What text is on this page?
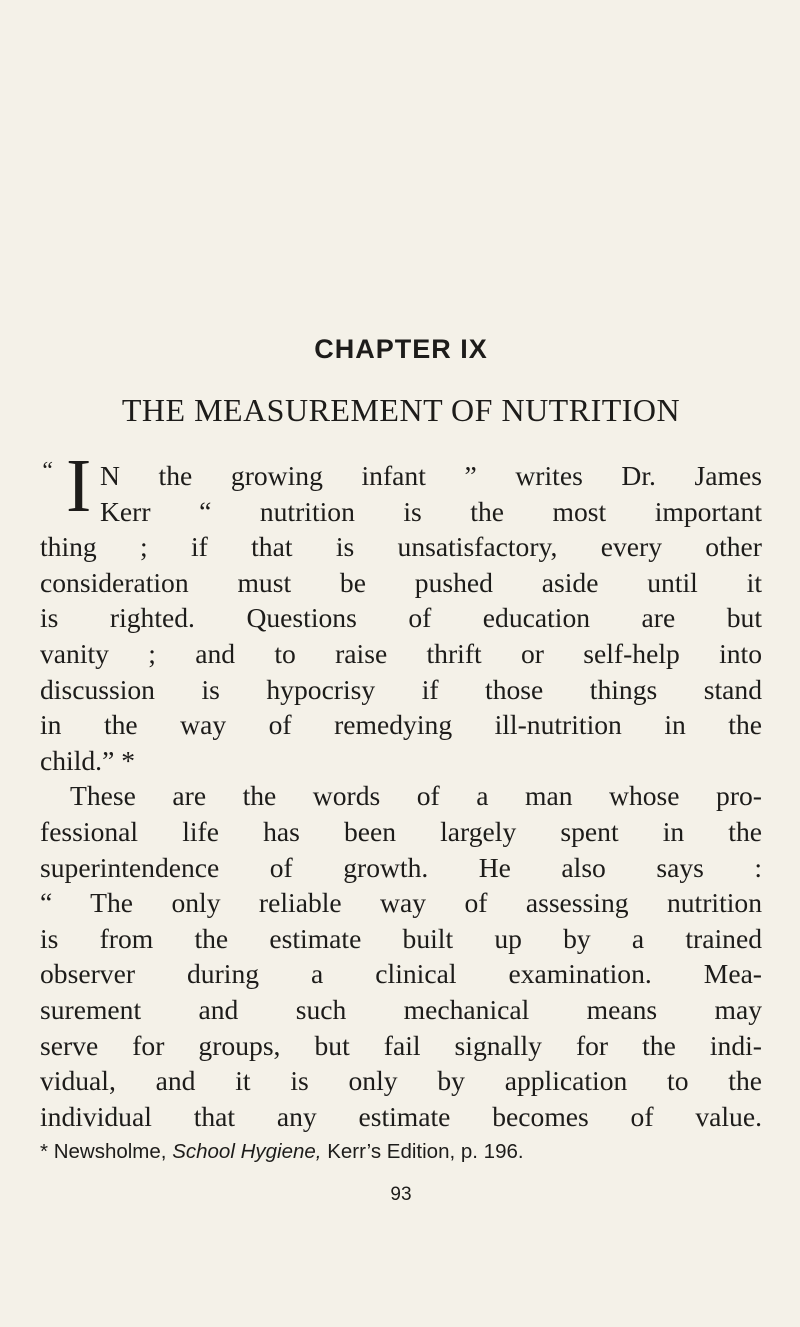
CHAPTER IX
THE MEASUREMENT OF NUTRITION
“ I N the growing infant ” writes Dr. James
Kerr “ nutrition is the most important
thing ; if that is unsatisfactory, every other
consideration must be pushed aside until it
is righted. Questions of education are but
vanity ; and to raise thrift or self-help into
discussion is hypocrisy if those things stand
in the way of remedying ill-nutrition in the
child.” *
These are the words of a man whose pro-
fessional life has been largely spent in the
superintendence of growth. He also says :
“ The only reliable way of assessing nutrition
is from the estimate built up by a trained
observer during a clinical examination. Mea-
surement and such mechanical means may
serve for groups, but fail signally for the indi-
vidual, and it is only by application to the
individual that any estimate becomes of value.
* Newsholme, School Hygiene, Kerr’s Edition, p. 196.
93
